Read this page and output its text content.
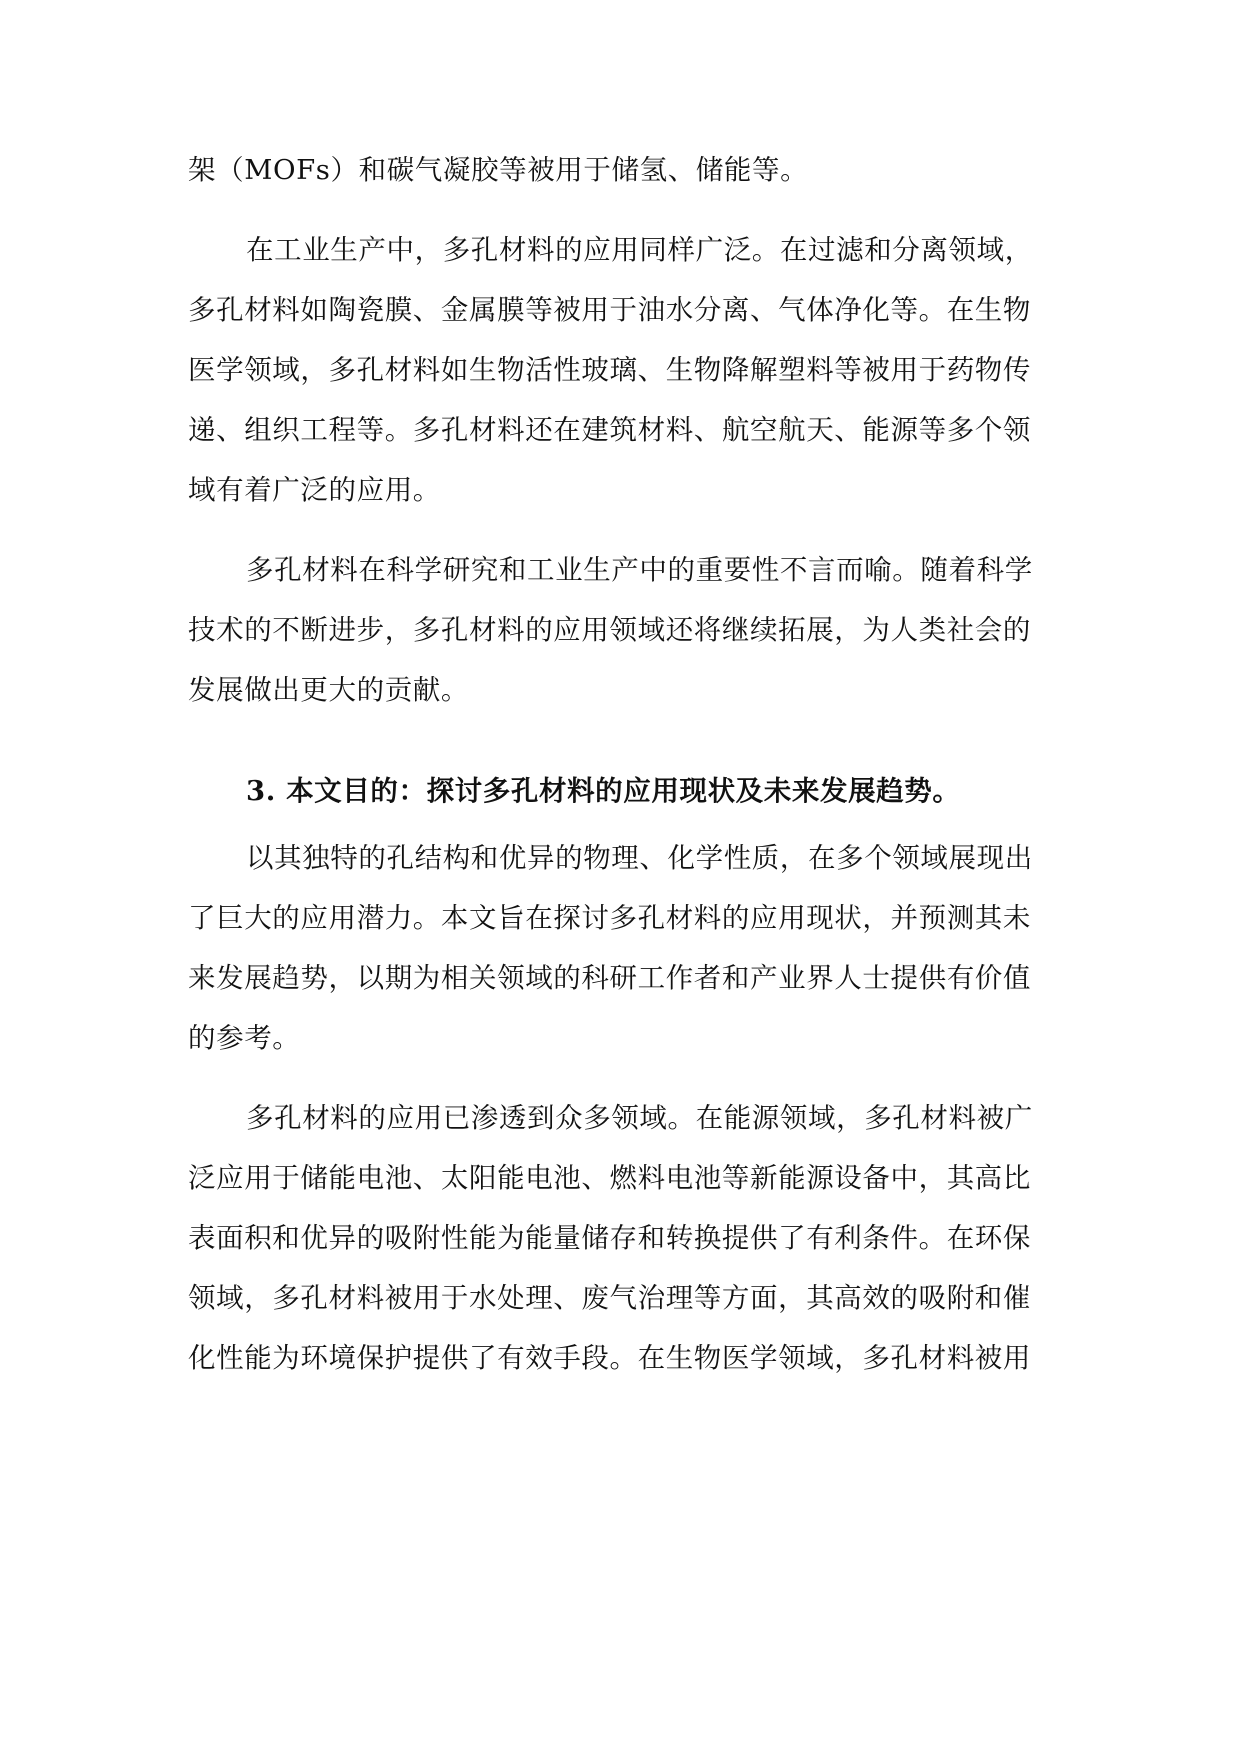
架（MOFs）和碳气凝胶等被用于储氢、储能等。
在工业生产中，多孔材料的应用同样广泛。在过滤和分离领域，
多孔材料如陶瓷膜、金属膜等被用于油水分离、气体净化等。在生物
医学领域，多孔材料如生物活性玻璃、生物降解塑料等被用于药物传
递、组织工程等。多孔材料还在建筑材料、航空航天、能源等多个领
域有着广泛的应用。
多孔材料在科学研究和工业生产中的重要性不言而喻。随着科学
技术的不断进步，多孔材料的应用领域还将继续拓展，为人类社会的
发展做出更大的贡献。
3. 本文目的：探讨多孔材料的应用现状及未来发展趋势。
以其独特的孔结构和优异的物理、化学性质，在多个领域展现出
了巨大的应用潜力。本文旨在探讨多孔材料的应用现状，并预测其未
来发展趋势，以期为相关领域的科研工作者和产业界人士提供有价值
的参考。
多孔材料的应用已渗透到众多领域。在能源领域，多孔材料被广
泛应用于储能电池、太阳能电池、燃料电池等新能源设备中，其高比
表面积和优异的吸附性能为能量储存和转换提供了有利条件。在环保
领域，多孔材料被用于水处理、废气治理等方面，其高效的吸附和催
化性能为环境保护提供了有效手段。在生物医学领域，多孔材料被用
